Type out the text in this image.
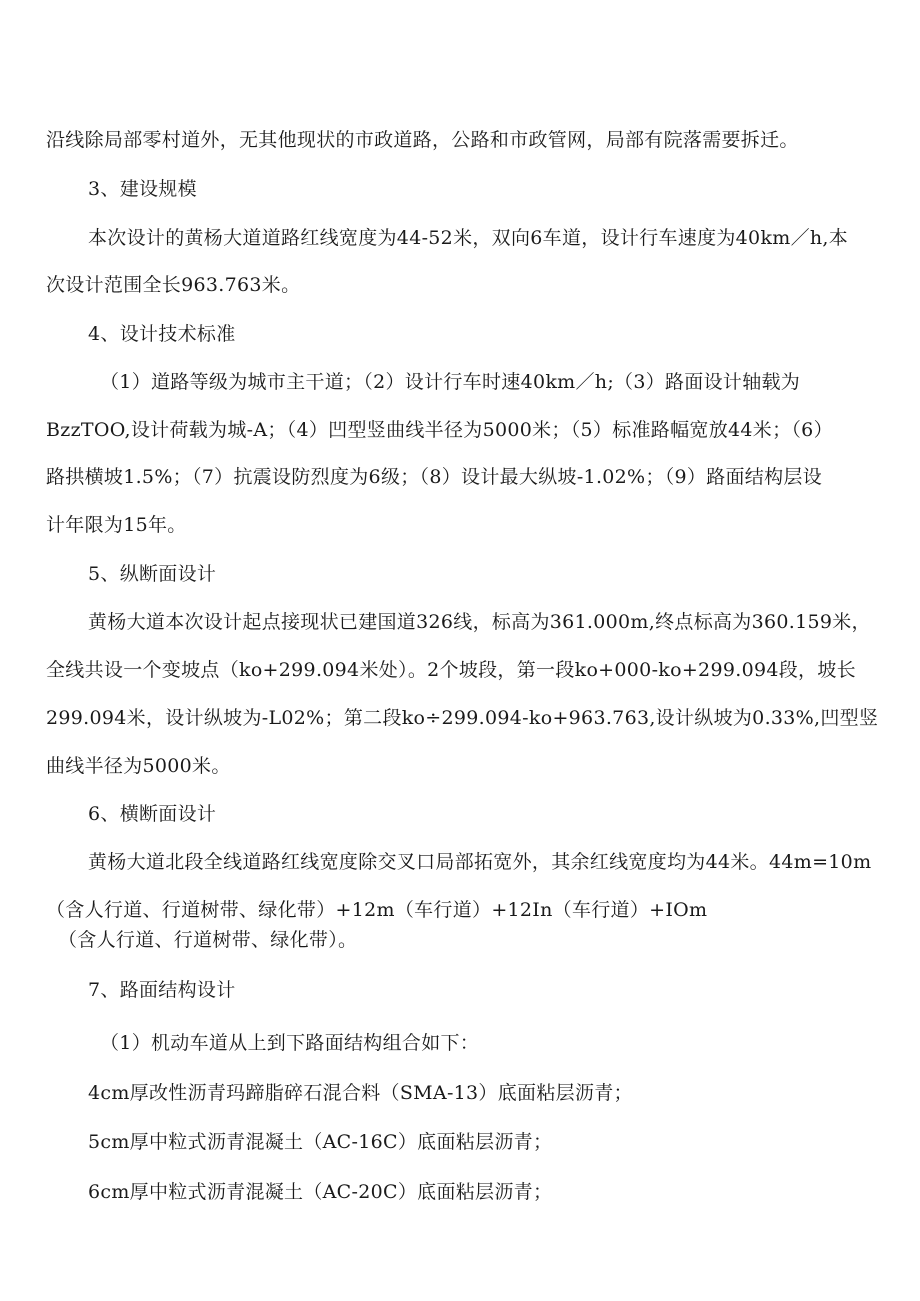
沿线除局部零村道外，无其他现状的市政道路，公路和市政管网，局部有院落需要拆迁。
3、建设规模
本次设计的黄杨大道道路红线宽度为44-52米，双向6车道，设计行车速度为40km／h,本
次设计范围全长963.763米。
4、设计技术标准
（1）道路等级为城市主干道；（2）设计行车时速40km／h;（3）路面设计轴载为
BzzTOO,设计荷载为城-A；（4）凹型竖曲线半径为5000米；（5）标准路幅宽放44米；（6）
路拱横坡1.5%；（7）抗震设防烈度为6级；（8）设计最大纵坡-1.02%；（9）路面结构层设
计年限为15年。
5、纵断面设计
黄杨大道本次设计起点接现状已建国道326线，标高为361.000m,终点标高为360.159米，
全线共设一个变坡点（ko+299.094米处）。2个坡段，第一段ko+000-ko+299.094段，坡长
299.094米，设计纵坡为-L02%；第二段ko÷299.094-ko+963.763,设计纵坡为0.33%,凹型竖
曲线半径为5000米。
6、横断面设计
黄杨大道北段全线道路红线宽度除交叉口局部拓宽外，其余红线宽度均为44米。44m=10m
（含人行道、行道树带、绿化带）+12m（车行道）+12In（车行道）+IOm
（含人行道、行道树带、绿化带）。
7、路面结构设计
（1）机动车道从上到下路面结构组合如下：
4cm厚改性沥青玛蹄脂碎石混合料（SMA-13）底面粘层沥青；
5cm厚中粒式沥青混凝土（AC-16C）底面粘层沥青；
6cm厚中粒式沥青混凝土（AC-20C）底面粘层沥青；
